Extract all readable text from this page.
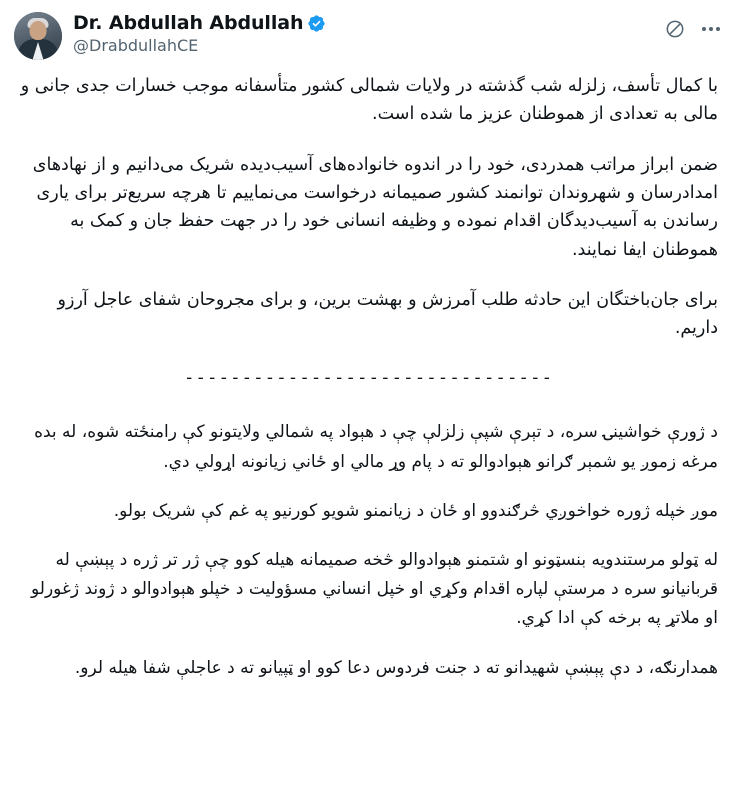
Dr. Abdullah Abdullah
@DrabdullahCE

با کمال تأسف، زلزله شب گذشته در ولایات شمالی کشور متأسفانه موجب خسارات جدی جانی و مالی به تعدادی از هموطنان عزیز ما شده است.

ضمن ابراز مراتب همدردی، خود را در اندوه خانواده‌های آسیب‌دیده شریک می‌دانیم و از نهادهای امدادرسان و شهروندان توانمند کشور صمیمانه درخواست می‌نماییم تا هرچه سریع‌تر برای یاری رساندن به آسیب‌دیدگان اقدام نموده و وظیفه انسانی خود را در جهت حفظ جان و کمک به هموطنان ایفا نمایند.

برای جان‌باختگان این حادثه طلب آمرزش و بهشت برین، و برای مجروحان شفای عاجل آرزو داریم.

- - - - - - - - - - - - - - - - - - - - - - - - - - - - - - - -

د ژورې خواشینۍ سره، د تېرې شپې زلزلې چې د هېواد په شمالي ولایتونو کې رامنځته شوه، له بده مرغه زموږ یو شمېر ګرانو هېوادوالو ته د پام وړ مالي او ځاني زیانونه اړولي دي.

موږ خپله ژوره خواخوږي څرګندوو او ځان د زیانمنو شویو کورنیو په غم کې شریک بولو.

له ټولو مرستندویه بنسټونو او شتمنو هېوادوالو څخه صمیمانه هیله کوو چې ژر تر ژره د پېښې له قربانیانو سره د مرستې لپاره اقدام وکړي او خپل انساني مسؤولیت د خپلو هېوادوالو د ژوند ژغورلو او ملاتړ په برخه کې ادا کړي.

همدارنګه، د دې پېښې شهیدانو ته د جنت فردوس دعا کوو او ټپیانو ته د عاجلې شفا هیله لرو.
